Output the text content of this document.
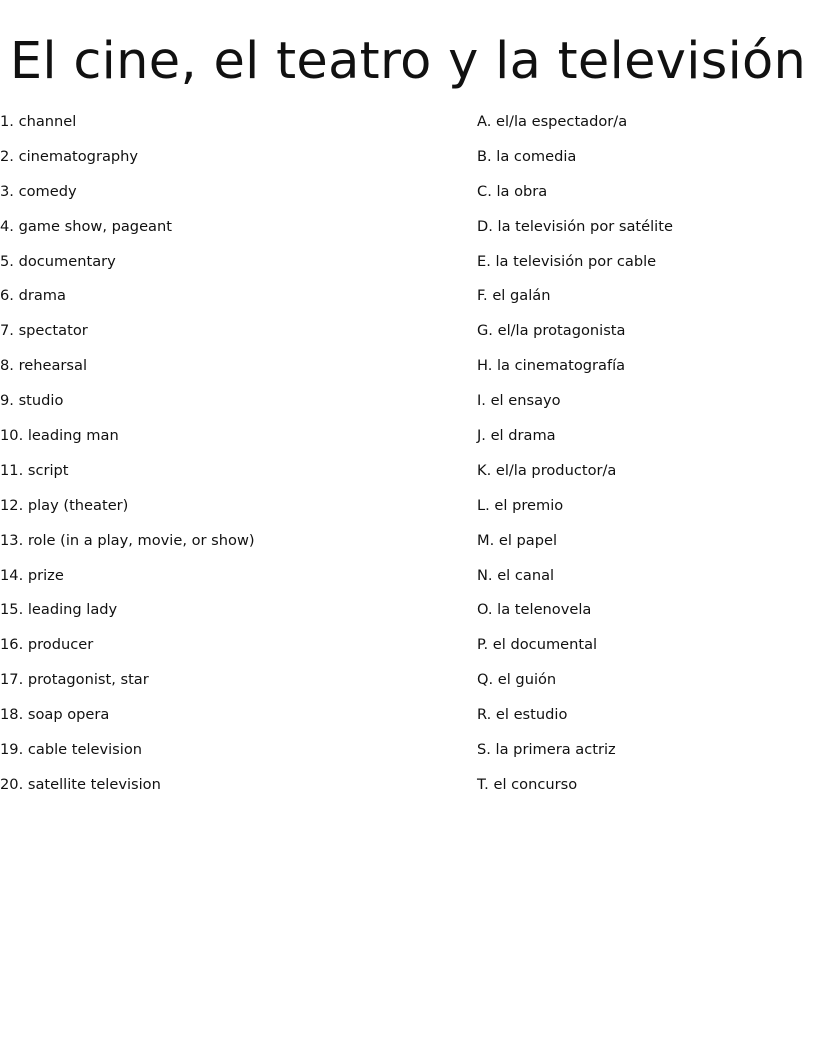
El cine, el teatro y la televisión
1. channel
2. cinematography
3. comedy
4. game show, pageant
5. documentary
6. drama
7. spectator
8. rehearsal
9. studio
10. leading man
11. script
12. play (theater)
13. role (in a play, movie, or show)
14. prize
15. leading lady
16. producer
17. protagonist, star
18. soap opera
19. cable television
20. satellite television
A. el/la espectador/a
B. la comedia
C. la obra
D. la televisión por satélite
E. la televisión por cable
F. el galán
G. el/la protagonista
H. la cinematografía
I. el ensayo
J. el drama
K. el/la productor/a
L. el premio
M. el papel
N. el canal
O. la telenovela
P. el documental
Q. el guión
R. el estudio
S. la primera actriz
T. el concurso
